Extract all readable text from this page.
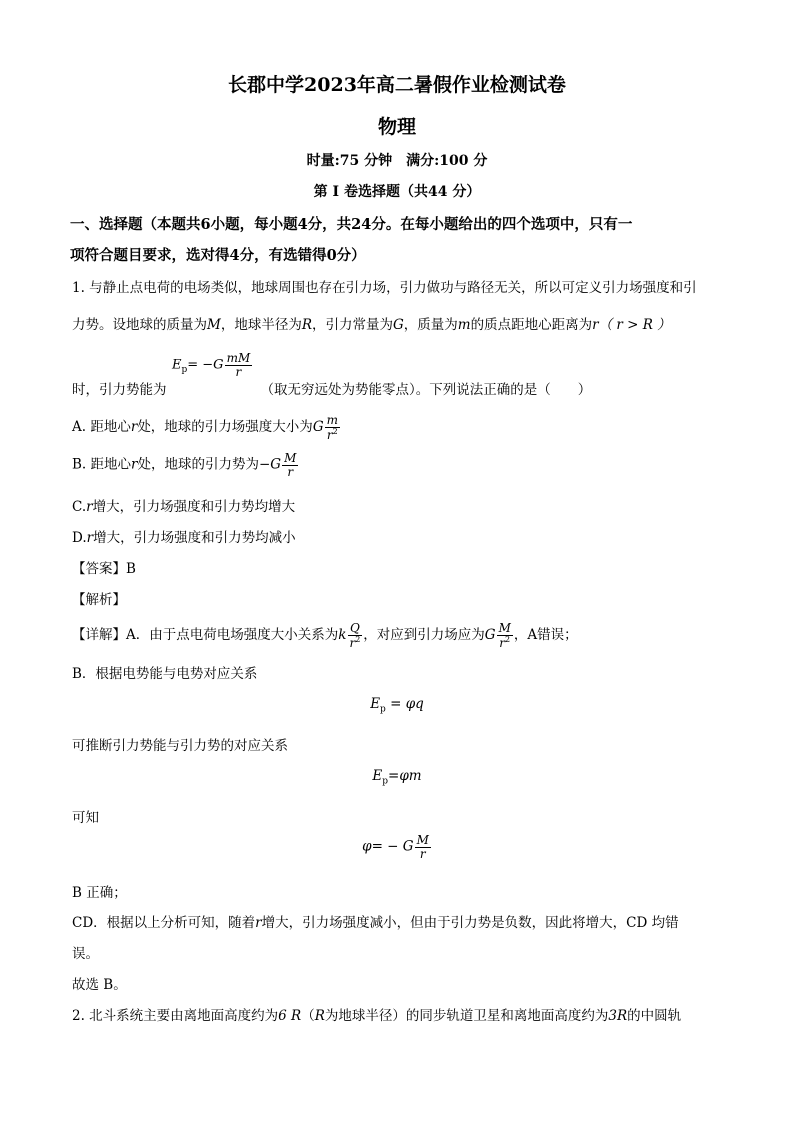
长郡中学2023年高二暑假作业检测试卷
物理
时量:75 分钟　满分:100 分
第 I 卷选择题（共44 分）
一、选择题（本题共6小题，每小题4分，共24分。在每小题给出的四个选项中，只有一
项符合题目要求，选对得4分，有选错得0分）
1. 与静止点电荷的电场类似，地球周围也存在引力场，引力做功与路径无关，所以可定义引力场强度和引
力势。设地球的质量为M，地球半径为R，引力常量为G，质量为m的质点距地心距离为r（ r > R ）
$E_p= -G \frac{mM}{r}$
时，引力势能为	（取无穷远处为势能零点）。下列说法正确的是（　　）
A. 距地心r处，地球的引力场强度大小为G $\frac{m}{r^2}$
B. 距地心r处，地球的引力势为$-G \frac{M}{r}$
C.r增大，引力场强度和引力势均增大
D.r增大，引力场强度和引力势均减小
【答案】B
【解析】
【详解】A．由于点电荷电场强度大小关系为k $\frac{Q}{r^2}$ ，对应到引力场应为G $\frac{M}{r^2}$ ，A错误；
B．根据电势能与电势对应关系
$E_p = \varphi q$
可推断引力势能与引力势的对应关系
$E_p=\varphi m$
可知
φ= − G $\frac{M}{r}$
B 正确；
CD．根据以上分析可知，随着r增大，引力场强度减小，但由于引力势是负数，因此将增大，CD 均错
误。
故选 B。
2. 北斗系统主要由离地面高度约为6 R（R为地球半径）的同步轨道卫星和离地面高度约为3R的中圆轨
